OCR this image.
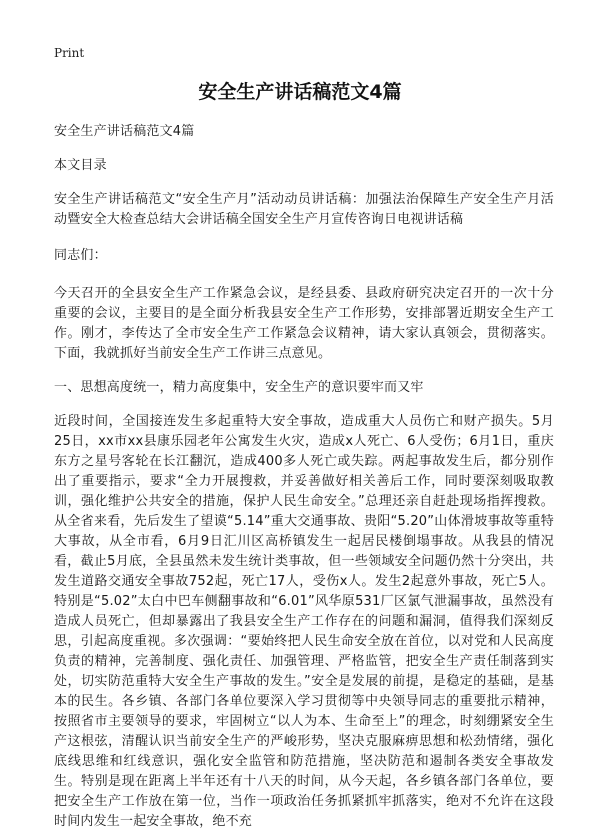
Print
安全生产讲话稿范文4篇

安全生产讲话稿范文4篇

本文目录

安全生产讲话稿范文“安全生产月”活动动员讲话稿：加强法治保障生产安全生产月活动暨安全大检查总结大会讲话稿全国安全生产月宣传咨询日电视讲话稿

同志们：

今天召开的全县安全生产工作紧急会议，是经县委、县政府研究决定召开的一次十分重要的会议，主要目的是全面分析我县安全生产工作形势，安排部署近期安全生产工作。刚才，李传达了全市安全生产工作紧急会议精神，请大家认真领会，贯彻落实。下面，我就抓好当前安全生产工作讲三点意见。

一、思想高度统一，精力高度集中，安全生产的意识要牢而又牢

近段时间，全国接连发生多起重特大安全事故，造成重大人员伤亡和财产损失。5月25日，xx市xx县康乐园老年公寓发生火灾，造成x人死亡、6人受伤；6月1日，重庆东方之星号客轮在长江翻沉，造成400多人死亡或失踪。两起事故发生后，都分别作出了重要指示，要求“全力开展搜救，并妥善做好相关善后工作，同时要深刻吸取教训，强化维护公共安全的措施，保护人民生命安全。”总理还亲自赶赴现场指挥搜救。从全省来看，先后发生了望谟“5.14”重大交通事故、贵阳“5.20”山体滑坡事故等重特大事故，从全市看，6月9日汇川区高桥镇发生一起居民楼倒塌事故。从我县的情况看，截止5月底，全县虽然未发生统计类事故，但一些领域安全问题仍然十分突出，共发生道路交通安全事故752起，死亡17人，受伤x人。发生2起意外事故，死亡5人。特别是“5.02”太白中巴车侧翻事故和“6.01”风华原531厂区氯气泄漏事故，虽然没有造成人员死亡，但却暴露出了我县安全生产工作存在的问题和漏洞，值得我们深刻反思，引起高度重视。多次强调：“要始终把人民生命安全放在首位，以对党和人民高度负责的精神，完善制度、强化责任、加强管理、严格监管，把安全生产责任制落到实处，切实防范重特大安全生产事故的发生。”安全是发展的前提，是稳定的基础，是基本的民生。各乡镇、各部门各单位要深入学习贯彻等中央领导同志的重要批示精神，按照省市主要领导的要求，牢固树立“以人为本、生命至上”的理念，时刻绷紧安全生产这根弦，清醒认识当前安全生产的严峻形势，坚决克服麻痹思想和松劲情绪，强化底线思维和红线意识，强化安全监管和防范措施，坚决防范和遏制各类安全事故发生。特别是现在距离上半年还有十八天的时间，从今天起，各乡镇各部门各单位，要把安全生产工作放在第一位，当作一项政治任务抓紧抓牢抓落实，绝对不允许在这段时间内发生一起安全事故，绝不充
